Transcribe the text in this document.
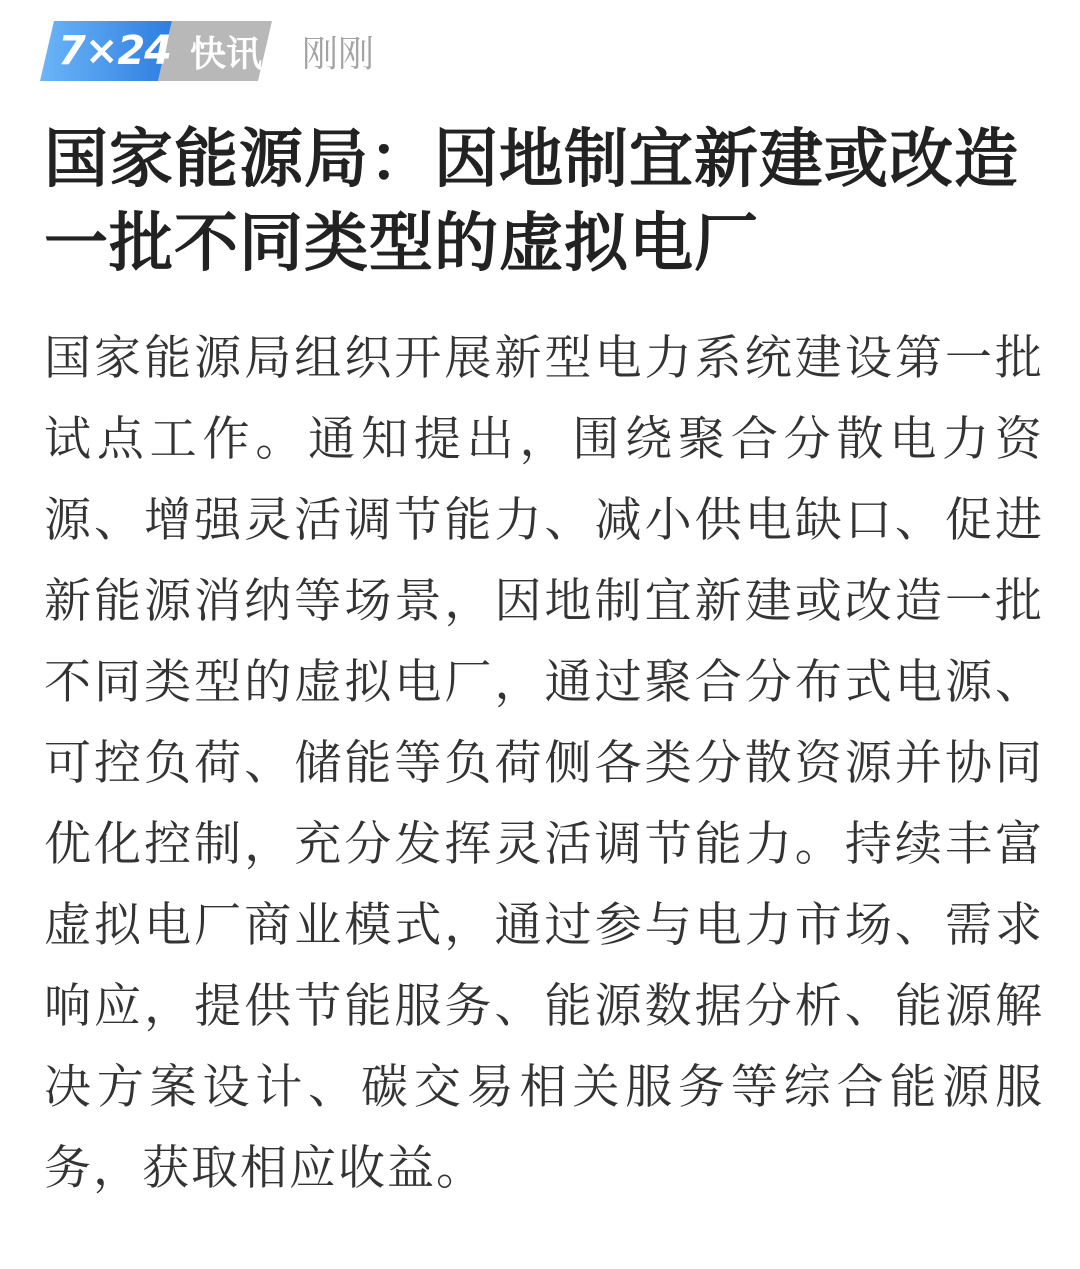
7×24 快讯 刚刚
国家能源局：因地制宜新建或改造一批不同类型的虚拟电厂

国家能源局组织开展新型电力系统建设第一批试点工作。通知提出，围绕聚合分散电力资源、增强灵活调节能力、减小供电缺口、促进新能源消纳等场景，因地制宜新建或改造一批不同类型的虚拟电厂，通过聚合分布式电源、可控负荷、储能等负荷侧各类分散资源并协同优化控制，充分发挥灵活调节能力。持续丰富虚拟电厂商业模式，通过参与电力市场、需求响应，提供节能服务、能源数据分析、能源解决方案设计、碳交易相关服务等综合能源服务，获取相应收益。
